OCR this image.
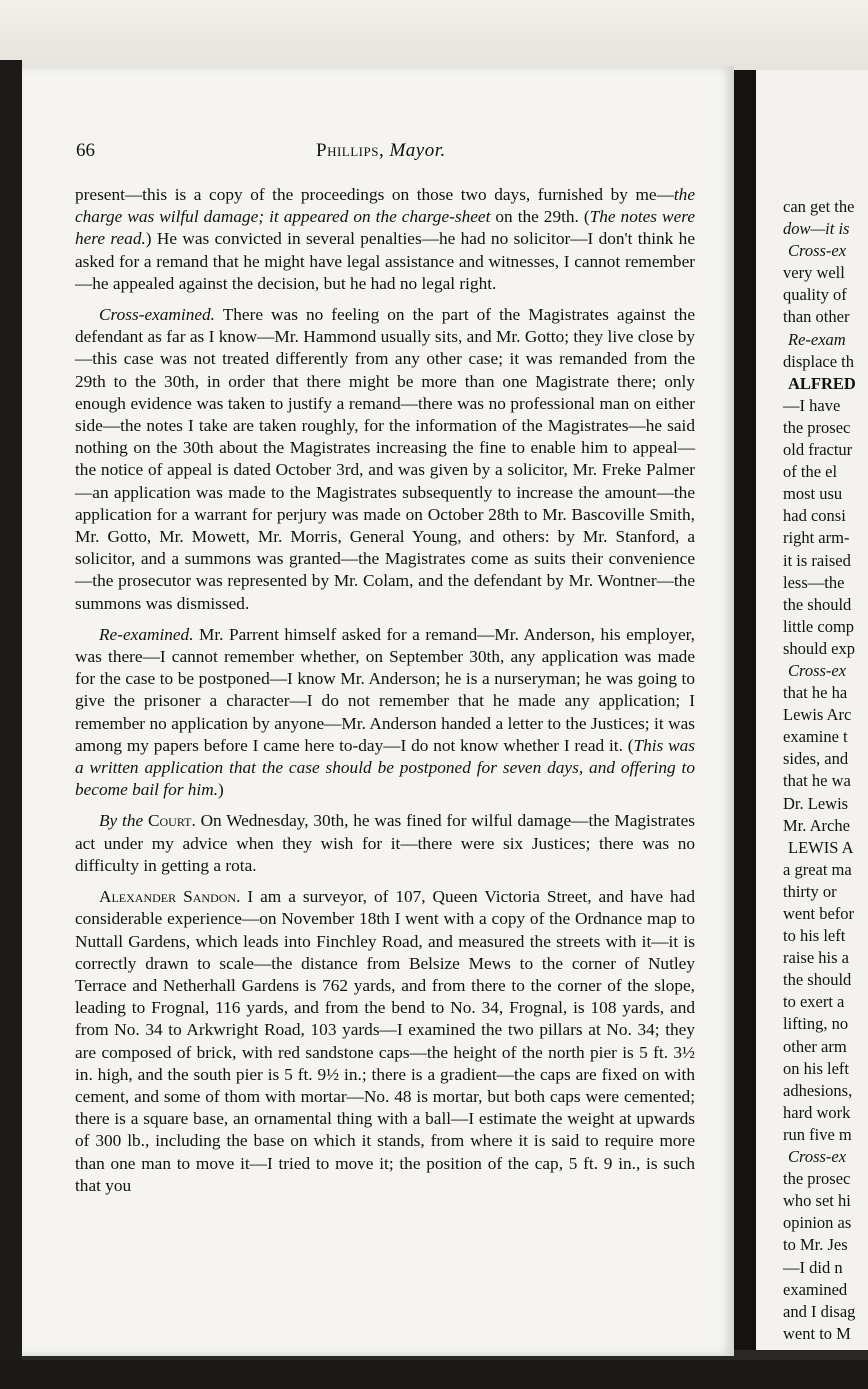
66	Phillips, Mayor.

present—this is a copy of the proceedings on those two days, furnished by me—the charge was wilful damage; it appeared on the charge-sheet on the 29th. (The notes were here read.) He was convicted in several penalties—he had no solicitor—I don't think he asked for a remand that he might have legal assistance and witnesses, I cannot remember—he appealed against the decision, but he had no legal right.

Cross-examined. There was no feeling on the part of the Magistrates against the defendant as far as I know—Mr. Hammond usually sits, and Mr. Gotto; they live close by—this case was not treated differently from any other case; it was remanded from the 29th to the 30th, in order that there might be more than one Magistrate there; only enough evidence was taken to justify a remand—there was no professional man on either side—the notes I take are taken roughly, for the information of the Magistrates—he said nothing on the 30th about the Magistrates increasing the fine to enable him to appeal—the notice of appeal is dated October 3rd, and was given by a solicitor, Mr. Freke Palmer—an application was made to the Magistrates subsequently to increase the amount—the application for a warrant for perjury was made on October 28th to Mr. Bascoville Smith, Mr. Gotto, Mr. Mowett, Mr. Morris, General Young, and others: by Mr. Stanford, a solicitor, and a summons was granted—the Magistrates come as suits their convenience—the prosecutor was represented by Mr. Colam, and the defendant by Mr. Wontner—the summons was dismissed.

Re-examined. Mr. Parrent himself asked for a remand—Mr. Anderson, his employer, was there—I cannot remember whether, on September 30th, any application was made for the case to be postponed—I know Mr. Anderson; he is a nurseryman; he was going to give the prisoner a character—I do not remember that he made any application; I remember no application by anyone—Mr. Anderson handed a letter to the Justices; it was among my papers before I came here to-day—I do not know whether I read it. (This was a written application that the case should be postponed for seven days, and offering to become bail for him.)

By the Court. On Wednesday, 30th, he was fined for wilful damage—the Magistrates act under my advice when they wish for it—there were six Justices; there was no difficulty in getting a rota.

Alexander Sandon. I am a surveyor, of 107, Queen Victoria Street, and have had considerable experience—on November 18th I went with a copy of the Ordnance map to Nuttall Gardens, which leads into Finchley Road, and measured the streets with it—it is correctly drawn to scale—the distance from Belsize Mews to the corner of Nutley Terrace and Netherhall Gardens is 762 yards, and from there to the corner of the slope, leading to Frognal, 116 yards, and from the bend to No. 34, Frognal, is 108 yards, and from No. 34 to Arkwright Road, 103 yards—I examined the two pillars at No. 34; they are composed of brick, with red sandstone caps—the height of the north pier is 5 ft. 3½ in. high, and the south pier is 5 ft. 9½ in.; there is a gradient—the caps are fixed on with cement, and some of thom with mortar—No. 48 is mortar, but both caps were cemented; there is a square base, an ornamental thing with a ball—I estimate the weight at upwards of 300 lb., including the base on which it stands, from where it is said to require more than one man to move it—I tried to move it; the position of the cap, 5 ft. 9 in., is such that you

can get the
dow—it is
Cross-ex
very well
quality of
than other
Re-exam
displace th
ALFRED
—I have
the prosec
old fractur
of the el
most usu
had consi
right arm-
it is raised
less—the
the should
little comp
should exp
Cross-ex
that he ha
Lewis Arc
examine t
sides, and
that he wa
Dr. Lewis
Mr. Arche
LEWIS A
a great ma
thirty or
went befor
to his left
raise his a
the should
to exert a
lifting, no
other arm
on his left
adhesions,
hard work
run five m
Cross-ex
the prosec
who set hi
opinion as
to Mr. Jes
—I did n
examined
and I disag
went to M
